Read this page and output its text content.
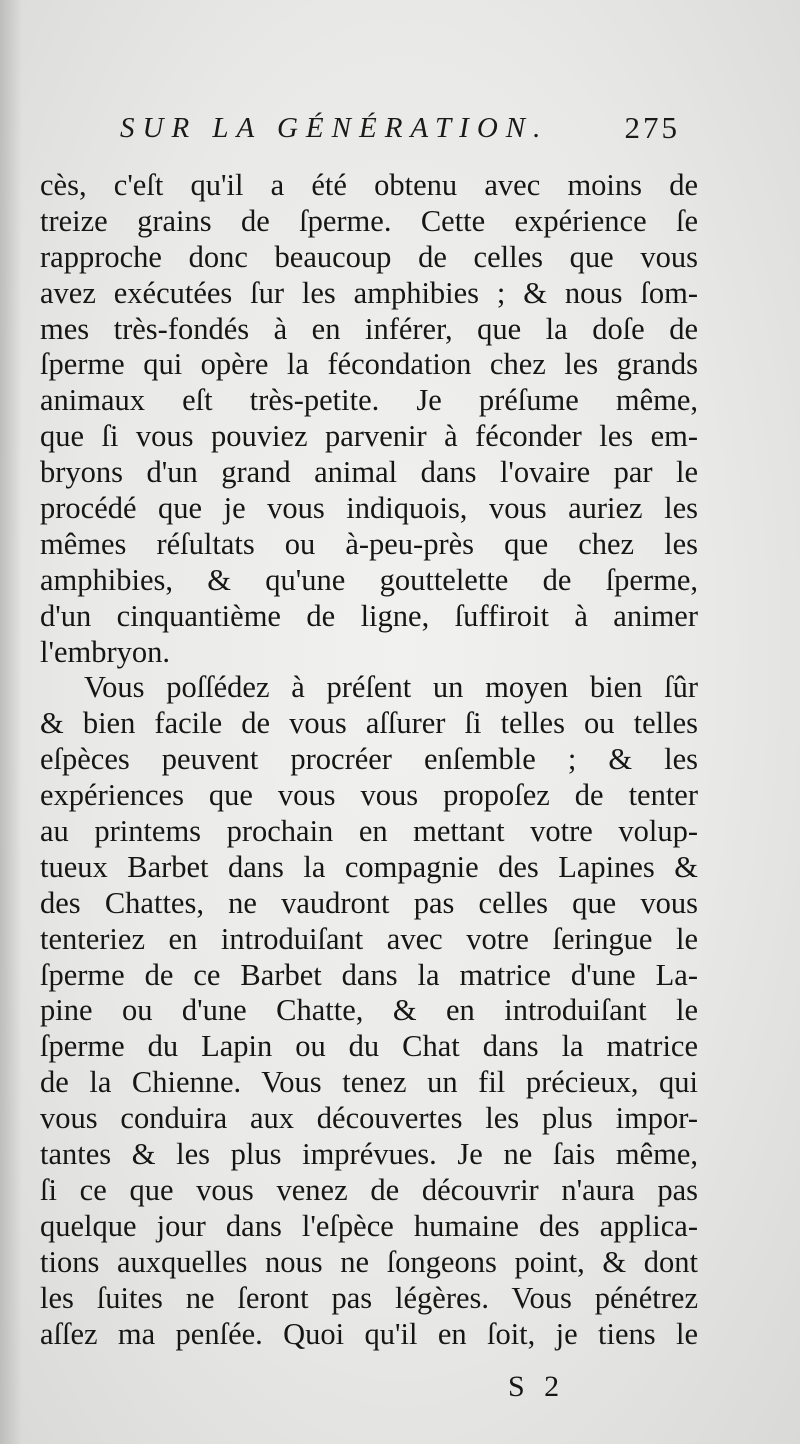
SUR LA GÉNÉRATION. 275
cès, c'eſt qu'il a été obtenu avec moins de
treize grains de ſperme. Cette expérience ſe
rapproche donc beaucoup de celles que vous
avez exécutées ſur les amphibies ; & nous ſom-
mes très-fondés à en inférer, que la doſe de
ſperme qui opère la fécondation chez les grands
animaux eſt très-petite. Je préſume même,
que ſi vous pouviez parvenir à féconder les em-
bryons d'un grand animal dans l'ovaire par le
procédé que je vous indiquois, vous auriez les
mêmes réſultats ou à-peu-près que chez les
amphibies, & qu'une gouttelette de ſperme,
d'un cinquantième de ligne, ſuffiroit à animer
l'embryon.
Vous poſſédez à préſent un moyen bien ſûr
& bien facile de vous aſſurer ſi telles ou telles
eſpèces peuvent procréer enſemble ; & les
expériences que vous vous propoſez de tenter
au printems prochain en mettant votre volup-
tueux Barbet dans la compagnie des Lapines &
des Chattes, ne vaudront pas celles que vous
tenteriez en introduiſant avec votre ſeringue le
ſperme de ce Barbet dans la matrice d'une La-
pine ou d'une Chatte, & en introduiſant le
ſperme du Lapin ou du Chat dans la matrice
de la Chienne. Vous tenez un fil précieux, qui
vous conduira aux découvertes les plus impor-
tantes & les plus imprévues. Je ne ſais même,
ſi ce que vous venez de découvrir n'aura pas
quelque jour dans l'eſpèce humaine des applica-
tions auxquelles nous ne ſongeons point, & dont
les ſuites ne ſeront pas légères. Vous pénétrez
aſſez ma penſée. Quoi qu'il en ſoit, je tiens le
S 2
